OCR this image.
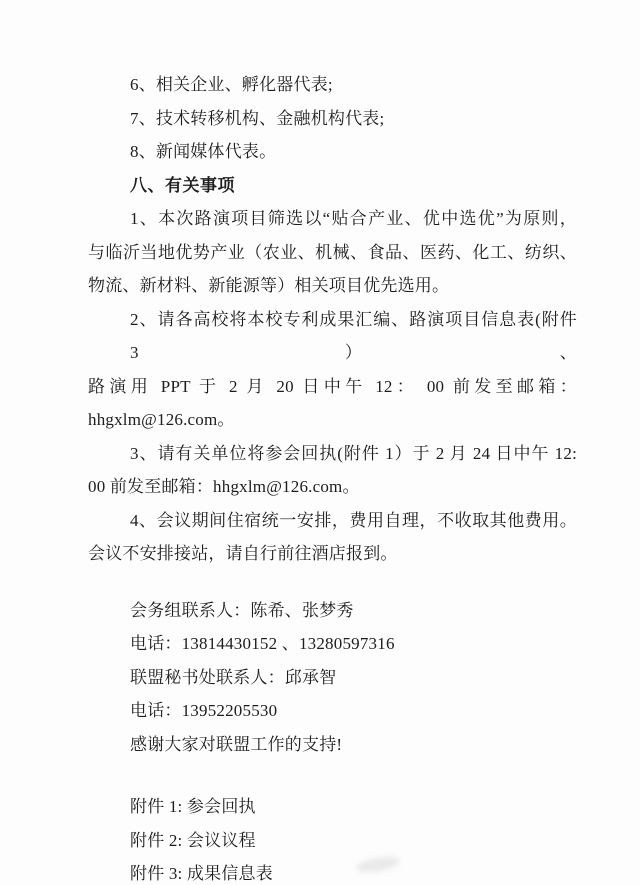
6、相关企业、孵化器代表;
7、技术转移机构、金融机构代表;
8、新闻媒体代表。
八、有关事项
1、本次路演项目筛选以“贴合产业、优中选优”为原则，
与临沂当地优势产业（农业、机械、食品、医药、化工、纺织、
物流、新材料、新能源等）相关项目优先选用。
2、请各高校将本校专利成果汇编、路演项目信息表(附件 3）、
路演用 PPT 于 2 月 20 日中午 12： 00 前发至邮箱：
hhgxlm@126.com。
3、请有关单位将参会回执(附件 1）于 2 月 24 日中午 12:
00 前发至邮箱：hhgxlm@126.com。
4、会议期间住宿统一安排，费用自理，不收取其他费用。
会议不安排接站，请自行前往酒店报到。
会务组联系人：陈希、张梦秀
电话：13814430152 、13280597316
联盟秘书处联系人：邱承智
电话：13952205530
感谢大家对联盟工作的支持!
附件 1: 参会回执
附件 2: 会议议程
附件 3: 成果信息表
